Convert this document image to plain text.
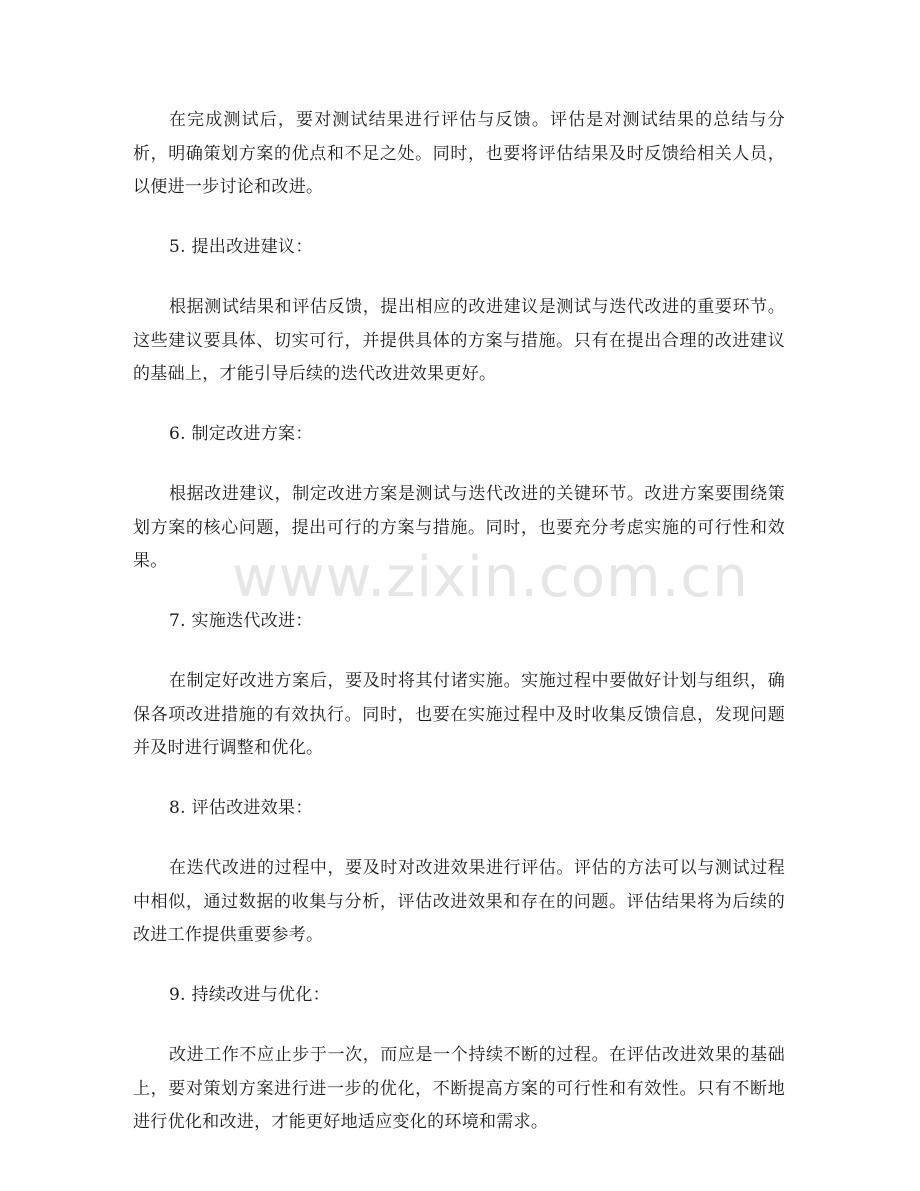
www.zixin.com.cn

在完成测试后，要对测试结果进行评估与反馈。评估是对测试结果的总结与分析，明确策划方案的优点和不足之处。同时，也要将评估结果及时反馈给相关人员，以便进一步讨论和改进。

5. 提出改进建议：

根据测试结果和评估反馈，提出相应的改进建议是测试与迭代改进的重要环节。这些建议要具体、切实可行，并提供具体的方案与措施。只有在提出合理的改进建议的基础上，才能引导后续的迭代改进效果更好。

6. 制定改进方案：

根据改进建议，制定改进方案是测试与迭代改进的关键环节。改进方案要围绕策划方案的核心问题，提出可行的方案与措施。同时，也要充分考虑实施的可行性和效果。

7. 实施迭代改进：

在制定好改进方案后，要及时将其付诸实施。实施过程中要做好计划与组织，确保各项改进措施的有效执行。同时，也要在实施过程中及时收集反馈信息，发现问题并及时进行调整和优化。

8. 评估改进效果：

在迭代改进的过程中，要及时对改进效果进行评估。评估的方法可以与测试过程中相似，通过数据的收集与分析，评估改进效果和存在的问题。评估结果将为后续的改进工作提供重要参考。

9. 持续改进与优化：

改进工作不应止步于一次，而应是一个持续不断的过程。在评估改进效果的基础上，要对策划方案进行进一步的优化，不断提高方案的可行性和有效性。只有不断地进行优化和改进，才能更好地适应变化的环境和需求。
